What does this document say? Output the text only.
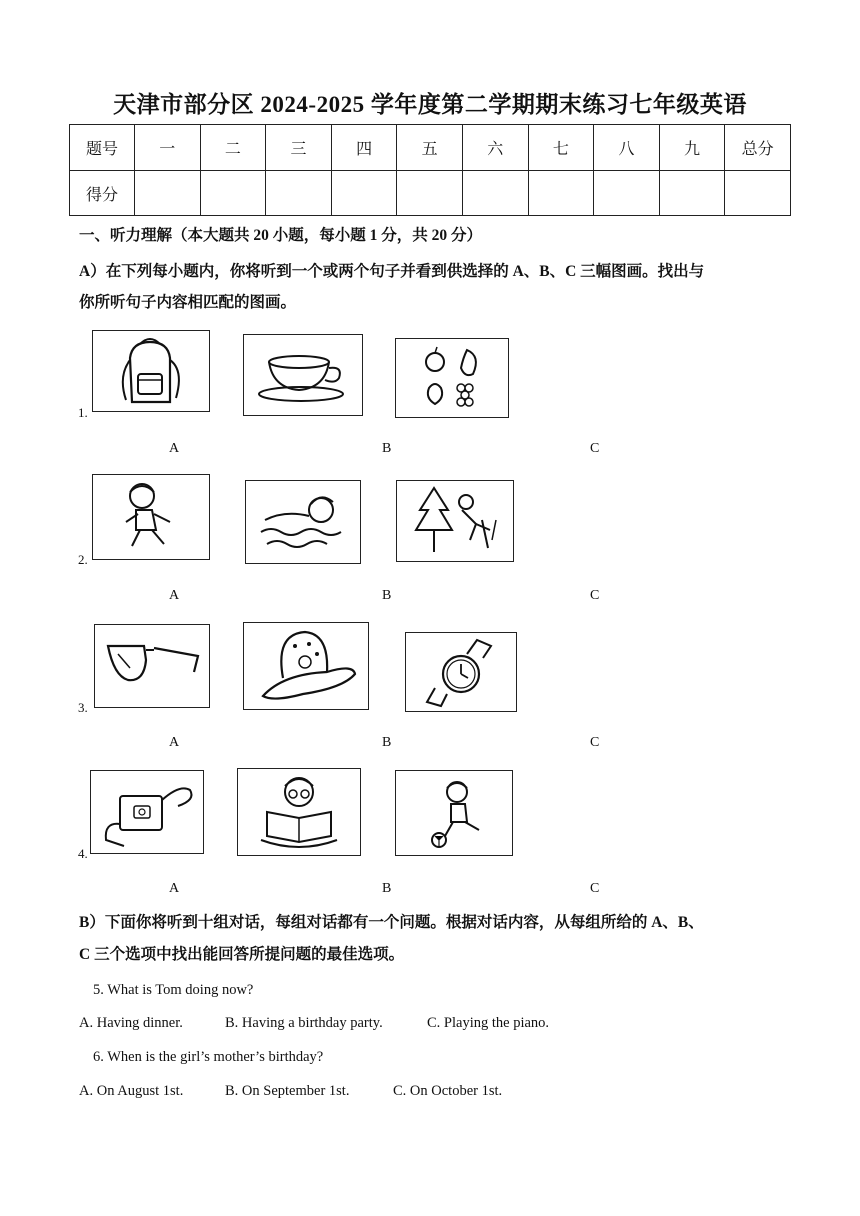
天津市部分区 2024-2025 学年度第二学期期末练习七年级英语
题号	一	二	三	四	五	六	七	八	九	总分
得分										
一、听力理解（本大题共 20 小题，每小题 1 分，共 20 分）
A）在下列每小题内，你将听到一个或两个句子并看到供选择的 A、B、C 三幅图画。找出与
你所听句子内容相匹配的图画。
1.
A	B	C
2.
A	B	C
3.
A	B	C
4.
A	B	C
B）下面你将听到十组对话，每组对话都有一个问题。根据对话内容，从每组所给的 A、B、
C 三个选项中找出能回答所提问题的最佳选项。
5. What is Tom doing now?
A. Having dinner.	B. Having a birthday party.	C. Playing the piano.
6. When is the girl’s mother’s birthday?
A. On August 1st.	B. On September 1st.	C. On October 1st.
